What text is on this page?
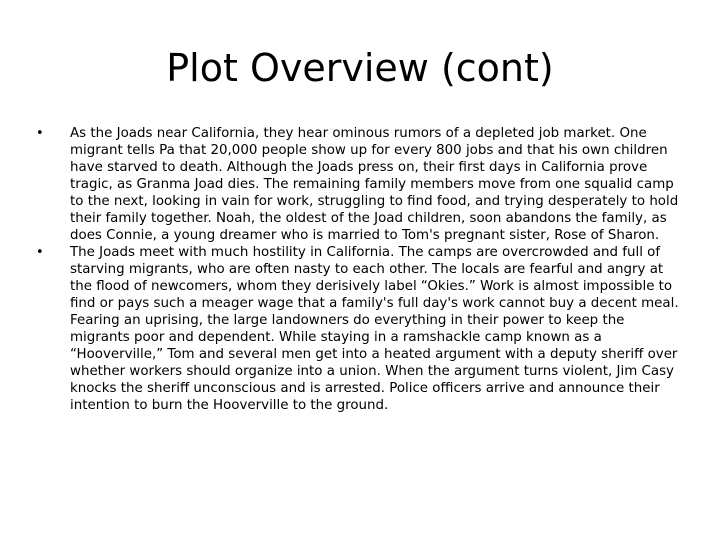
Plot Overview (cont)
• As the Joads near California, they hear ominous rumors of a depleted job market. One migrant tells Pa that 20,000 people show up for every 800 jobs and that his own children have starved to death. Although the Joads press on, their first days in California prove tragic, as Granma Joad dies. The remaining family members move from one squalid camp to the next, looking in vain for work, struggling to find food, and trying desperately to hold their family together. Noah, the oldest of the Joad children, soon abandons the family, as does Connie, a young dreamer who is married to Tom's pregnant sister, Rose of Sharon.
• The Joads meet with much hostility in California. The camps are overcrowded and full of starving migrants, who are often nasty to each other. The locals are fearful and angry at the flood of newcomers, whom they derisively label “Okies.” Work is almost impossible to find or pays such a meager wage that a family's full day's work cannot buy a decent meal. Fearing an uprising, the large landowners do everything in their power to keep the migrants poor and dependent. While staying in a ramshackle camp known as a “Hooverville,” Tom and several men get into a heated argument with a deputy sheriff over whether workers should organize into a union. When the argument turns violent, Jim Casy knocks the sheriff unconscious and is arrested. Police officers arrive and announce their intention to burn the Hooverville to the ground.
